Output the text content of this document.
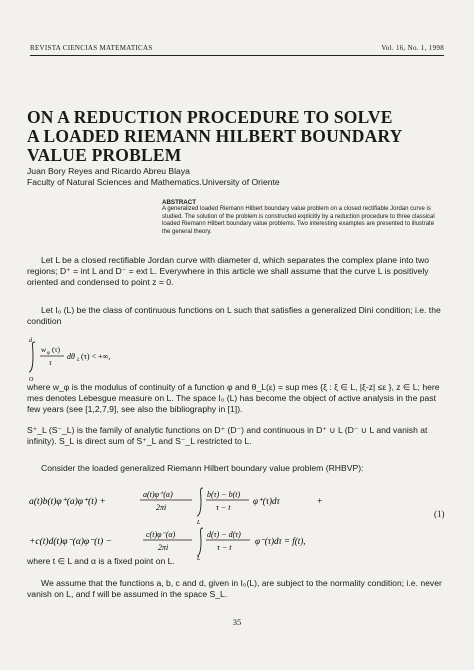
REVISTA CIENCIAS MATEMATICAS	Vol. 16, No. 1, 1998
ON A REDUCTION PROCEDURE TO SOLVE
A LOADED RIEMANN HILBERT BOUNDARY
VALUE PROBLEM
Juan Bory Reyes and Ricardo Abreu Blaya
Faculty of Natural Sciences and Mathematics.University of Oriente
ABSTRACT
A generalized loaded Riemann Hilbert boundary value problem on a closed rectifiable Jordan curve is studied. The solution of the problem is constructed explicitly by a reduction procedure to three classical loaded Riemann Hilbert boundary value problems. Two interesting examples are presented to illustrate the general theory.

Let L be a closed rectifiable Jordan curve with diameter d, which separates the complex plane into two regions; D⁺ = int L and D⁻ = ext L. Everywhere in this article we shall assume that the curve L is positively oriented and condensed to point z = 0.

Let I₀ (L) be the class of continuous functions on L such that satisfies a generalized Dini condition; i.e. the condition

d
O
w φ (τ)
τ
dθ L (τ) < +∞,

where w_φ is the modulus of continuity of a function φ and θ_L(ε) = sup mes {ξ : ξ ∈ L, |ξ-z| ≤ε }, z ∈ L; here mes denotes Lebesgue measure on L. The space I₀ (L) has become the object of active analysis in the past few years (see [1,2,7,9], see also the bibliography in [1]).

S⁺_L (S⁻_L) is the family of analytic functions on D⁺ (D⁻) and continuous in D⁺ ∪ L (D⁻ ∪ L and vanish at infinity). S_L is direct sum of S⁺_L and S⁻_L restricted to L.

Consider the loaded generalized Riemann Hilbert boundary value problem (RHBVP):

a(t)b(t)φ⁺(a)φ⁺(t) +
a(t)φ⁺(α)
2πi
L
b(τ) − b(t)
τ − t
φ⁺(τ)dτ	+
+c(t)d(t)φ⁻(α)φ⁻(t) −
c(t)φ⁻(α)
2πi
L
d(τ) − d(τ)
τ − t
φ⁻(τ)dτ = f(t),
(1)

where t ∈ L and α is a fixed point on L.

We assume that the functions a, b, c and d, given in I₀(L), are subject to the normality condition; i.e. never vanish on L, and f will be assumed in the space S_L.

35
